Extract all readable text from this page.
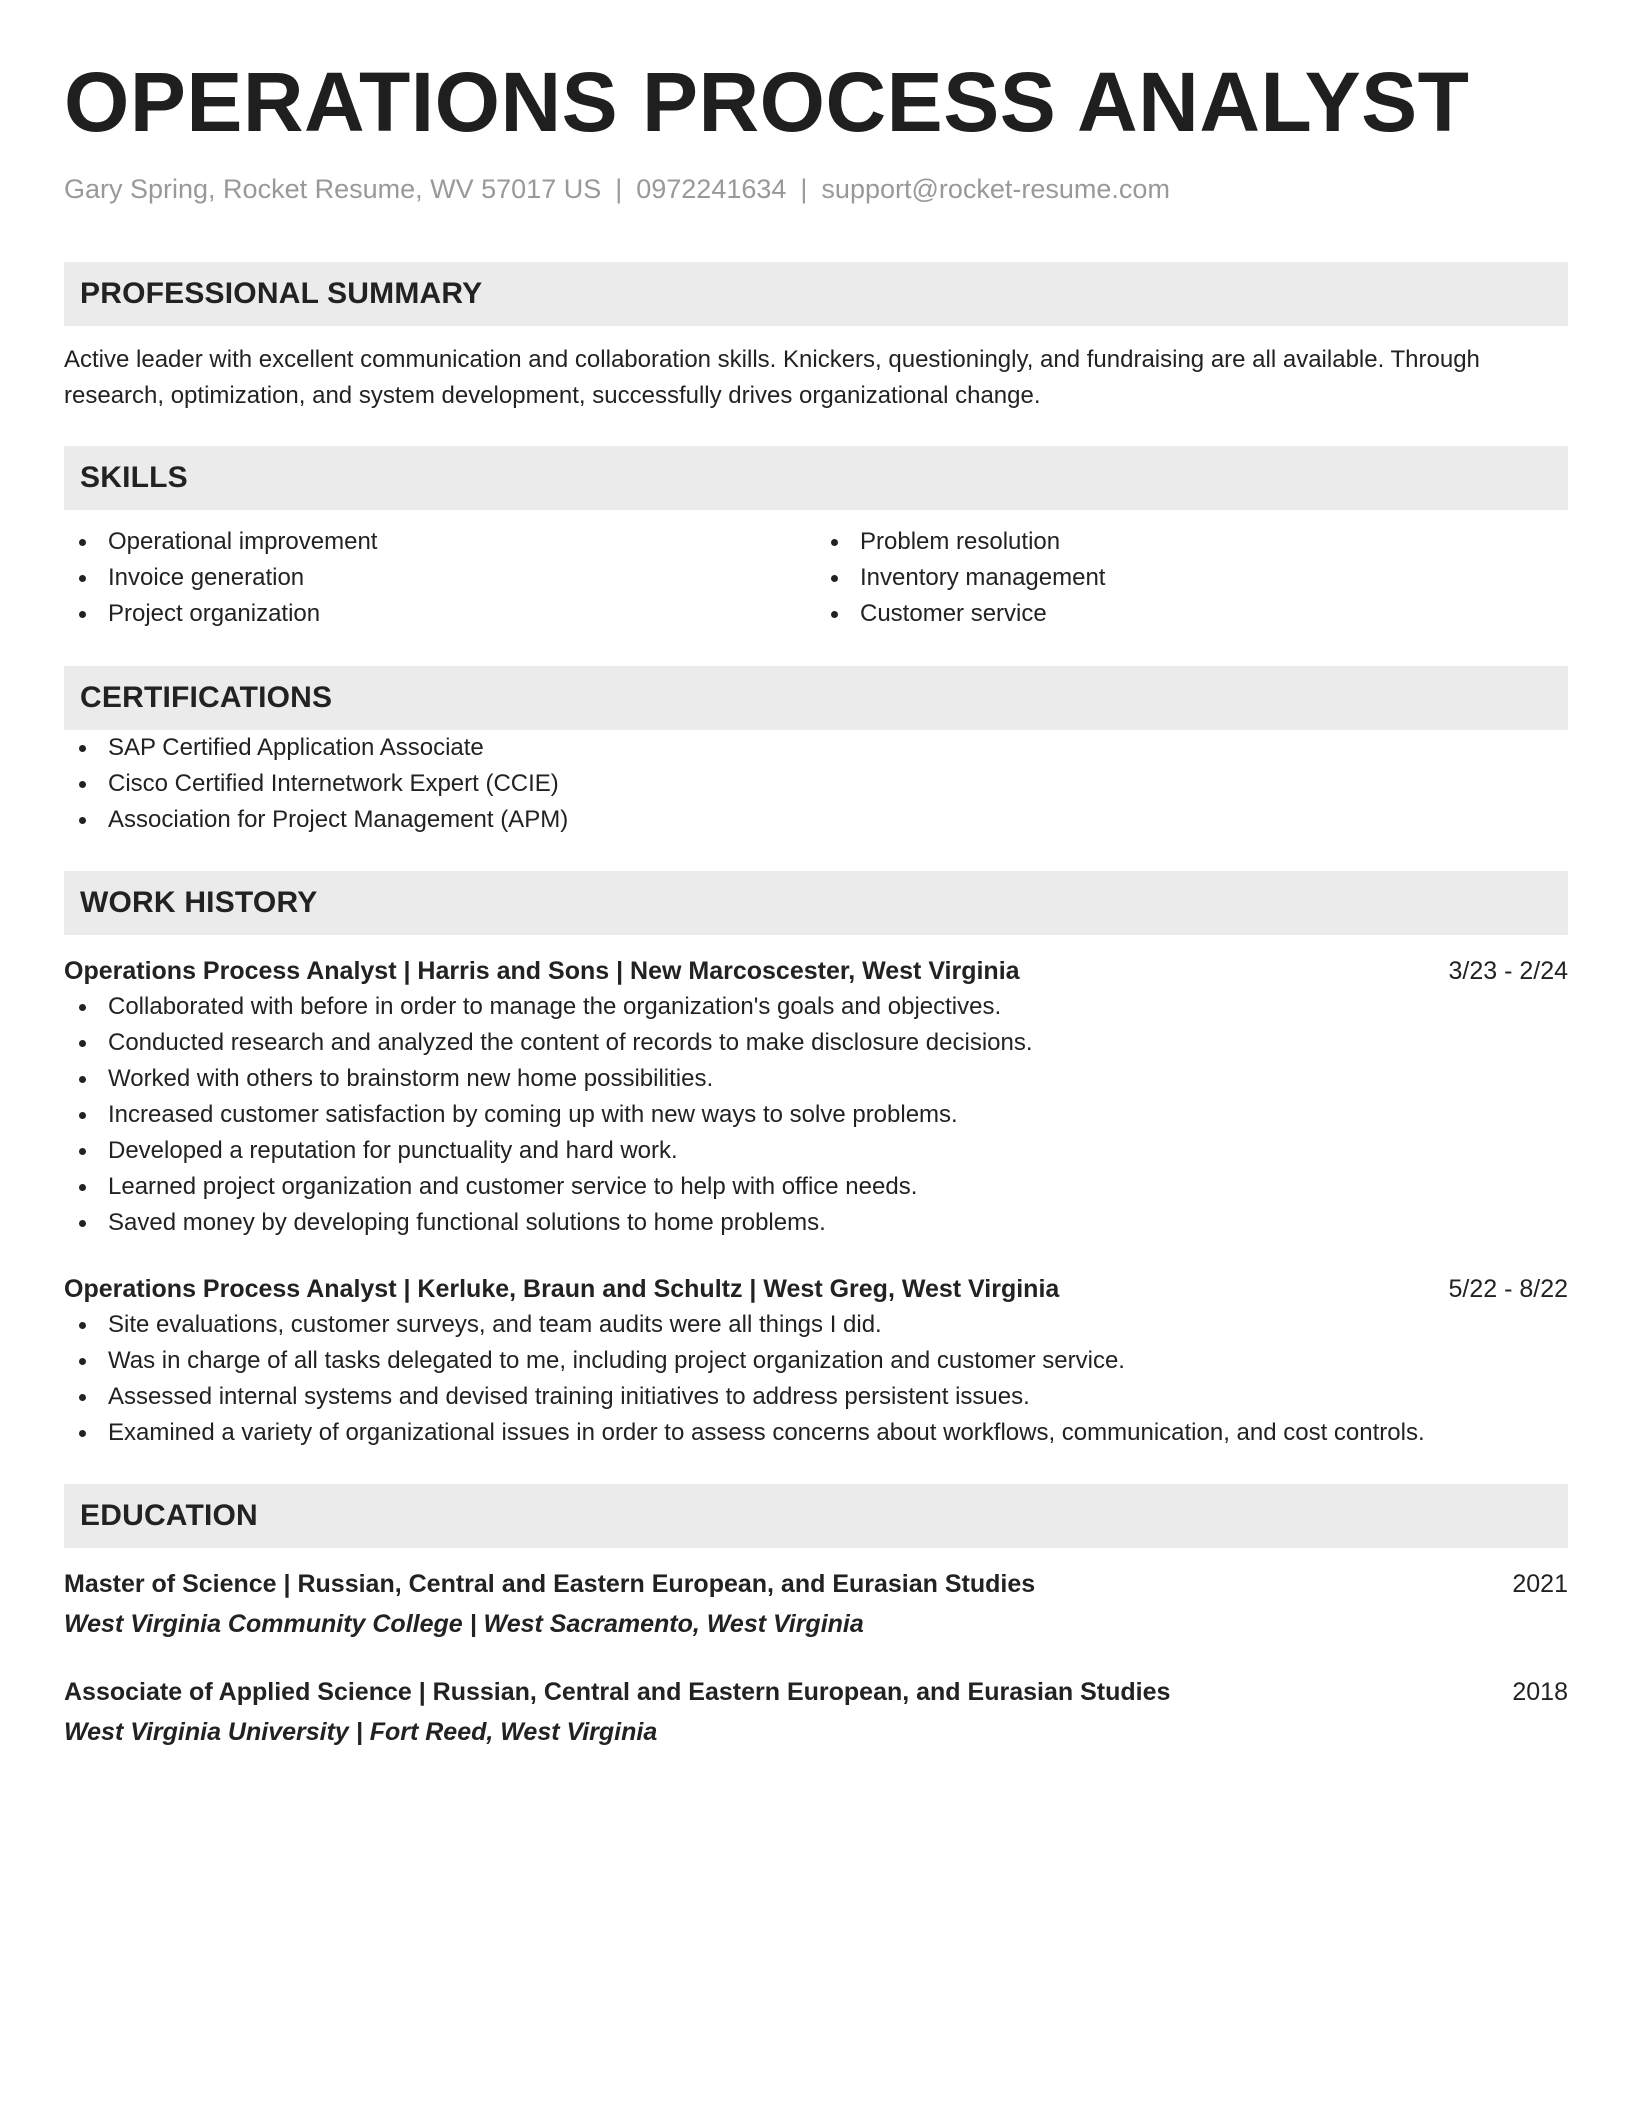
OPERATIONS PROCESS ANALYST
Gary Spring, Rocket Resume, WV 57017 US | 0972241634 | support@rocket-resume.com
PROFESSIONAL SUMMARY
Active leader with excellent communication and collaboration skills. Knickers, questioningly, and fundraising are all available. Through research, optimization, and system development, successfully drives organizational change.
SKILLS
Operational improvement
Invoice generation
Project organization
Problem resolution
Inventory management
Customer service
CERTIFICATIONS
SAP Certified Application Associate
Cisco Certified Internetwork Expert (CCIE)
Association for Project Management (APM)
WORK HISTORY
Operations Process Analyst | Harris and Sons | New Marcoscester, West Virginia	3/23 - 2/24
Collaborated with before in order to manage the organization's goals and objectives.
Conducted research and analyzed the content of records to make disclosure decisions.
Worked with others to brainstorm new home possibilities.
Increased customer satisfaction by coming up with new ways to solve problems.
Developed a reputation for punctuality and hard work.
Learned project organization and customer service to help with office needs.
Saved money by developing functional solutions to home problems.
Operations Process Analyst | Kerluke, Braun and Schultz | West Greg, West Virginia	5/22 - 8/22
Site evaluations, customer surveys, and team audits were all things I did.
Was in charge of all tasks delegated to me, including project organization and customer service.
Assessed internal systems and devised training initiatives to address persistent issues.
Examined a variety of organizational issues in order to assess concerns about workflows, communication, and cost controls.
EDUCATION
Master of Science | Russian, Central and Eastern European, and Eurasian Studies	2021
West Virginia Community College | West Sacramento, West Virginia
Associate of Applied Science | Russian, Central and Eastern European, and Eurasian Studies	2018
West Virginia University | Fort Reed, West Virginia
